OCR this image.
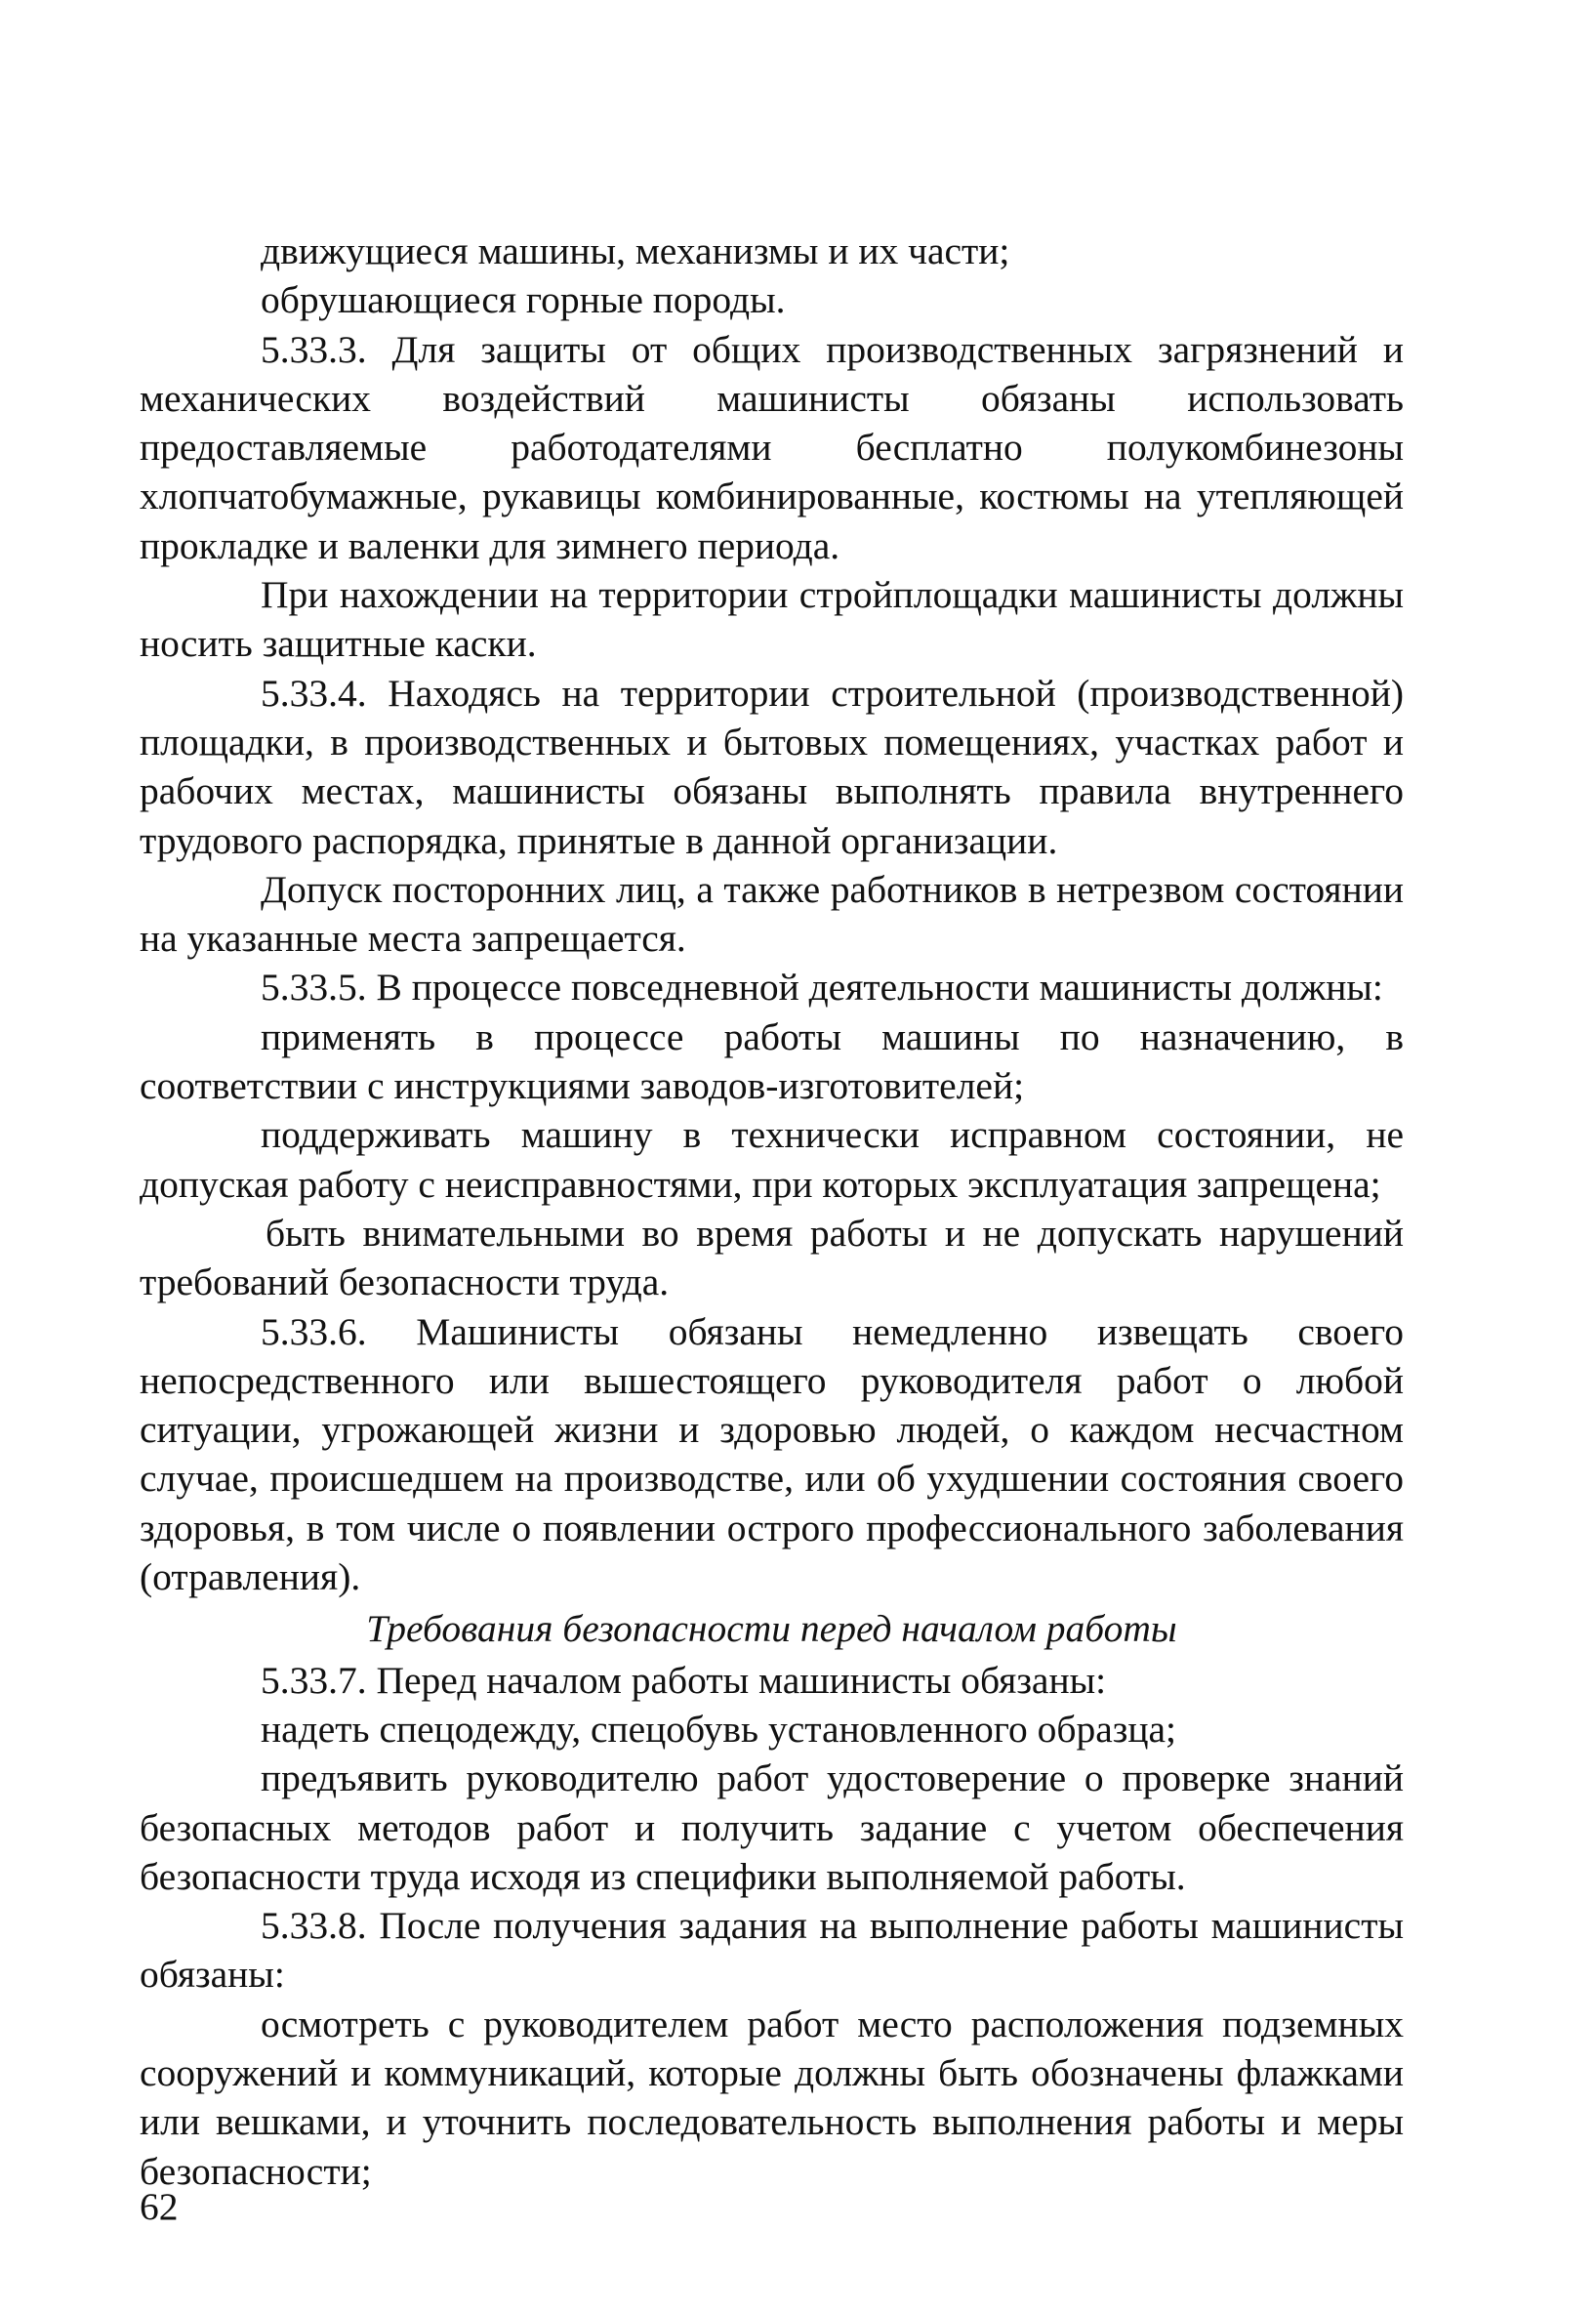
движущиеся машины, механизмы и их части;

обрушающиеся горные породы.

5.33.3. Для защиты от общих производственных загрязнений и механических воздействий машинисты обязаны использовать предоставляемые работодателями бесплатно полукомбинезоны хлопчатобумажные, рукавицы комбинированные, костюмы на утепляющей прокладке и валенки для зимнего периода.

При нахождении на территории стройплощадки машинисты должны носить защитные каски.

5.33.4. Находясь на территории строительной (производственной) площадки, в производственных и бытовых помещениях, участках работ и рабочих местах, машинисты обязаны выполнять правила внутреннего трудового распорядка, принятые в данной организации.

Допуск посторонних лиц, а также работников в нетрезвом состоянии на указанные места запрещается.

5.33.5. В процессе повседневной деятельности машинисты должны:

применять в процессе работы машины по назначению, в соответствии с инструкциями заводов-изготовителей;

поддерживать машину в технически исправном состоянии, не допуская работу с неисправностями, при которых эксплуатация запрещена;

быть внимательными во время работы и не допускать нарушений требований безопасности труда.

5.33.6. Машинисты обязаны немедленно извещать своего непосредственного или вышестоящего руководителя работ о любой ситуации, угрожающей жизни и здоровью людей, о каждом несчастном случае, происшедшем на производстве, или об ухудшении состояния своего здоровья, в том числе о появлении острого профессионального заболевания (отравления).

Требования безопасности перед началом работы

5.33.7. Перед началом работы машинисты обязаны:

надеть спецодежду, спецобувь установленного образца;

предъявить руководителю работ удостоверение о проверке знаний безопасных методов работ и получить задание с учетом обеспечения безопасности труда исходя из специфики выполняемой работы.

5.33.8. После получения задания на выполнение работы машинисты обязаны:

осмотреть с руководителем работ место расположения подземных сооружений и коммуникаций, которые должны быть обозначены флажками или вешками, и уточнить последовательность выполнения работы и меры безопасности;

62
